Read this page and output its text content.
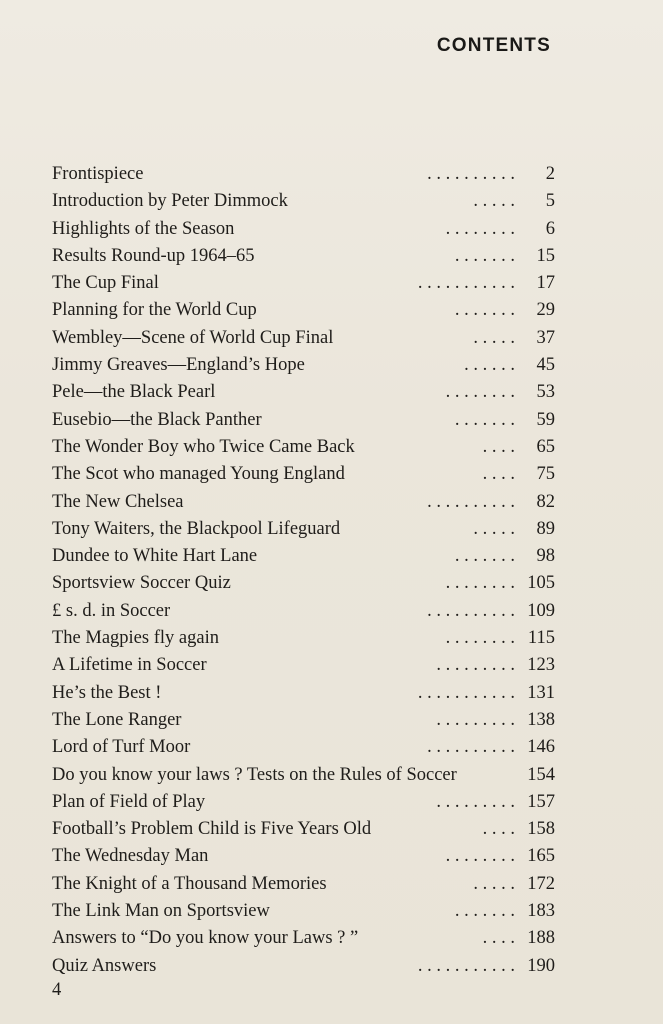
CONTENTS
Frontispiece	. . . . . . . . . . 2
Introduction by Peter Dimmock	. . . . . 5
Highlights of the Season	. . . . . . . . 6
Results Round-up 1964–65	. . . . . . . 15
The Cup Final	. . . . . . . . . . . 17
Planning for the World Cup	. . . . . . . 29
Wembley—Scene of World Cup Final	. . . . . 37
Jimmy Greaves—England’s Hope	. . . . . . 45
Pele—the Black Pearl	. . . . . . . . 53
Eusebio—the Black Panther	. . . . . . . 59
The Wonder Boy who Twice Came Back	. . . . 65
The Scot who managed Young England	. . . . 75
The New Chelsea	. . . . . . . . . . 82
Tony Waiters, the Blackpool Lifeguard	. . . . . 89
Dundee to White Hart Lane	. . . . . . . 98
Sportsview Soccer Quiz	. . . . . . . . 105
£ s. d. in Soccer	. . . . . . . . . . 109
The Magpies fly again	. . . . . . . . 115
A Lifetime in Soccer	. . . . . . . . . 123
He’s the Best !	. . . . . . . . . . . 131
The Lone Ranger	. . . . . . . . . 138
Lord of Turf Moor	. . . . . . . . . . 146
Do you know your laws ? Tests on the Rules of Soccer	154
Plan of Field of Play	. . . . . . . . . 157
Football’s Problem Child is Five Years Old	. . . . 158
The Wednesday Man	. . . . . . . . 165
The Knight of a Thousand Memories	. . . . . 172
The Link Man on Sportsview	. . . . . . . 183
Answers to “Do you know your Laws ? ”	. . . . 188
Quiz Answers	. . . . . . . . . . . 190
4
